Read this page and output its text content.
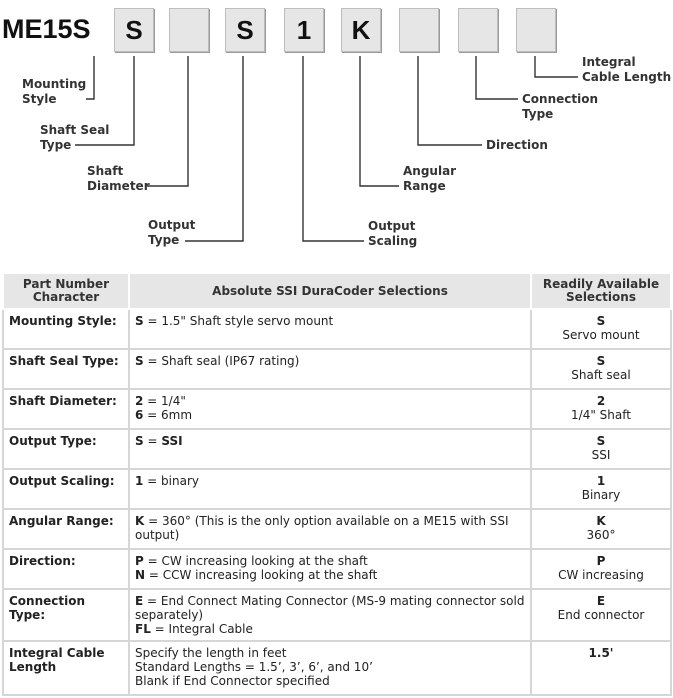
ME15S	S	S	1	K
Mounting
Style
Shaft Seal
Type
Shaft
Diameter
Output
Type
Output
Scaling
Angular
Range
Direction
Connection
Type
Integral
Cable Length
Part Number Character	Absolute SSI DuraCoder Selections	Readily Available Selections
Mounting Style:	S = 1.5" Shaft style servo mount	S
Servo mount
Shaft Seal Type:	S = Shaft seal (IP67 rating)	S
Shaft seal
Shaft Diameter:	2 = 1/4"
6 = 6mm	2
1/4" Shaft
Output Type:	S = SSI	S
SSI
Output Scaling:	1 = binary	1
Binary
Angular Range:	K = 360° (This is the only option available on a ME15 with SSI output)	K
360°
Direction:	P = CW increasing looking at the shaft
N = CCW increasing looking at the shaft	P
CW increasing
Connection Type:	E = End Connect Mating Connector (MS-9 mating connector sold separately)
FL = Integral Cable	E
End connector
Integral Cable Length	Specify the length in feet
Standard Lengths = 1.5’, 3’, 6’, and 10’
Blank if End Connector specified	1.5'
